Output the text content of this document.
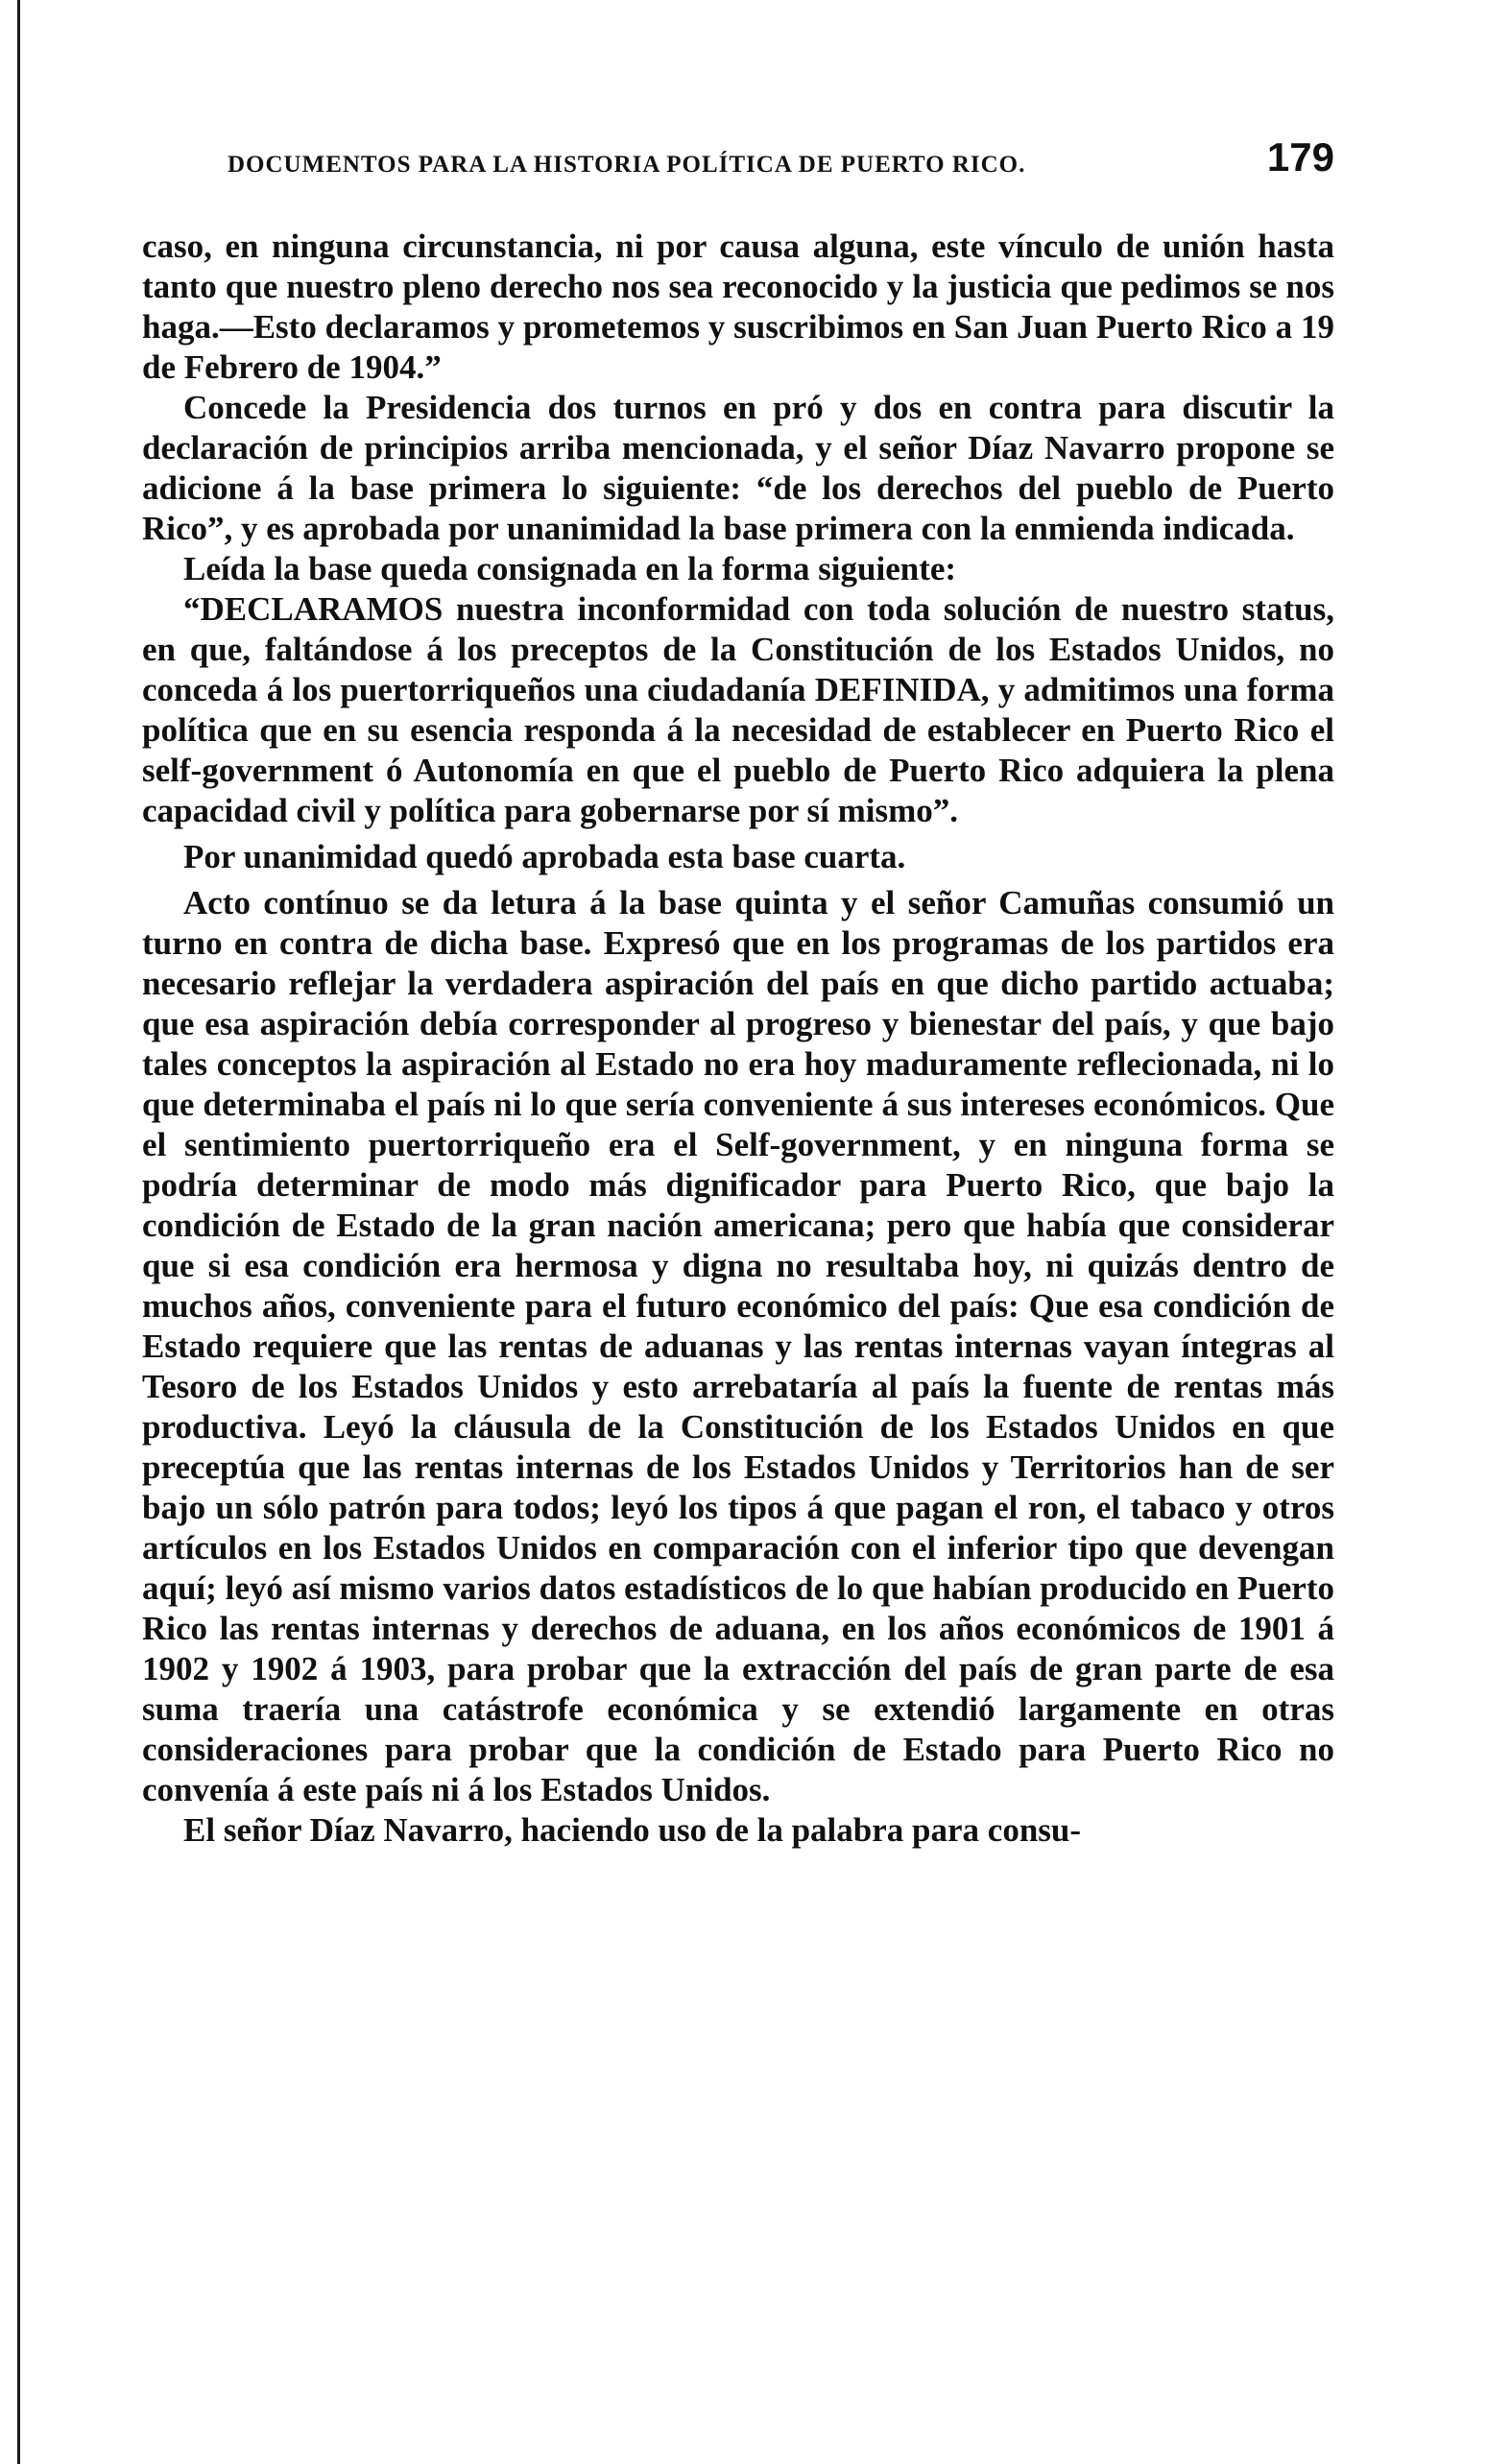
DOCUMENTOS PARA LA HISTORIA POLÍTICA DE PUERTO RICO.	179

caso, en ninguna circunstancia, ni por causa alguna, este vínculo de unión hasta tanto que nuestro pleno derecho nos sea reconocido y la justicia que pedimos se nos haga.—Esto declaramos y prometemos y suscribimos en San Juan Puerto Rico a 19 de Febrero de 1904.”

Concede la Presidencia dos turnos en pró y dos en contra para discutir la declaración de principios arriba mencionada, y el señor Díaz Navarro propone se adicione á la base primera lo siguiente: “de los derechos del pueblo de Puerto Rico”, y es aprobada por unanimidad la base primera con la enmienda indicada.

Leída la base queda consignada en la forma siguiente:

“DECLARAMOS nuestra inconformidad con toda solución de nuestro status, en que, faltándose á los preceptos de la Constitución de los Estados Unidos, no conceda á los puertorriqueños una ciudadanía DEFINIDA, y admitimos una forma política que en su esencia responda á la necesidad de establecer en Puerto Rico el self-government ó Autonomía en que el pueblo de Puerto Rico adquiera la plena capacidad civil y política para gobernarse por sí mismo”.

Por unanimidad quedó aprobada esta base cuarta.

Acto contínuo se da letura á la base quinta y el señor Camuñas consumió un turno en contra de dicha base. Expresó que en los programas de los partidos era necesario reflejar la verdadera aspiración del país en que dicho partido actuaba; que esa aspiración debía corresponder al progreso y bienestar del país, y que bajo tales conceptos la aspiración al Estado no era hoy maduramente reflecionada, ni lo que determinaba el país ni lo que sería conveniente á sus intereses económicos. Que el sentimiento puertorriqueño era el Self-government, y en ninguna forma se podría determinar de modo más dignificador para Puerto Rico, que bajo la condición de Estado de la gran nación americana; pero que había que considerar que si esa condición era hermosa y digna no resultaba hoy, ni quizás dentro de muchos años, conveniente para el futuro económico del país: Que esa condición de Estado requiere que las rentas de aduanas y las rentas internas vayan íntegras al Tesoro de los Estados Unidos y esto arrebataría al país la fuente de rentas más productiva. Leyó la cláusula de la Constitución de los Estados Unidos en que preceptúa que las rentas internas de los Estados Unidos y Territorios han de ser bajo un sólo patrón para todos; leyó los tipos á que pagan el ron, el tabaco y otros artículos en los Estados Unidos en comparación con el inferior tipo que devengan aquí; leyó así mismo varios datos estadísticos de lo que habían producido en Puerto Rico las rentas internas y derechos de aduana, en los años económicos de 1901 á 1902 y 1902 á 1903, para probar que la extracción del país de gran parte de esa suma traería una catástrofe económica y se extendió largamente en otras consideraciones para probar que la condición de Estado para Puerto Rico no convenía á este país ni á los Estados Unidos.

El señor Díaz Navarro, haciendo uso de la palabra para consu-
